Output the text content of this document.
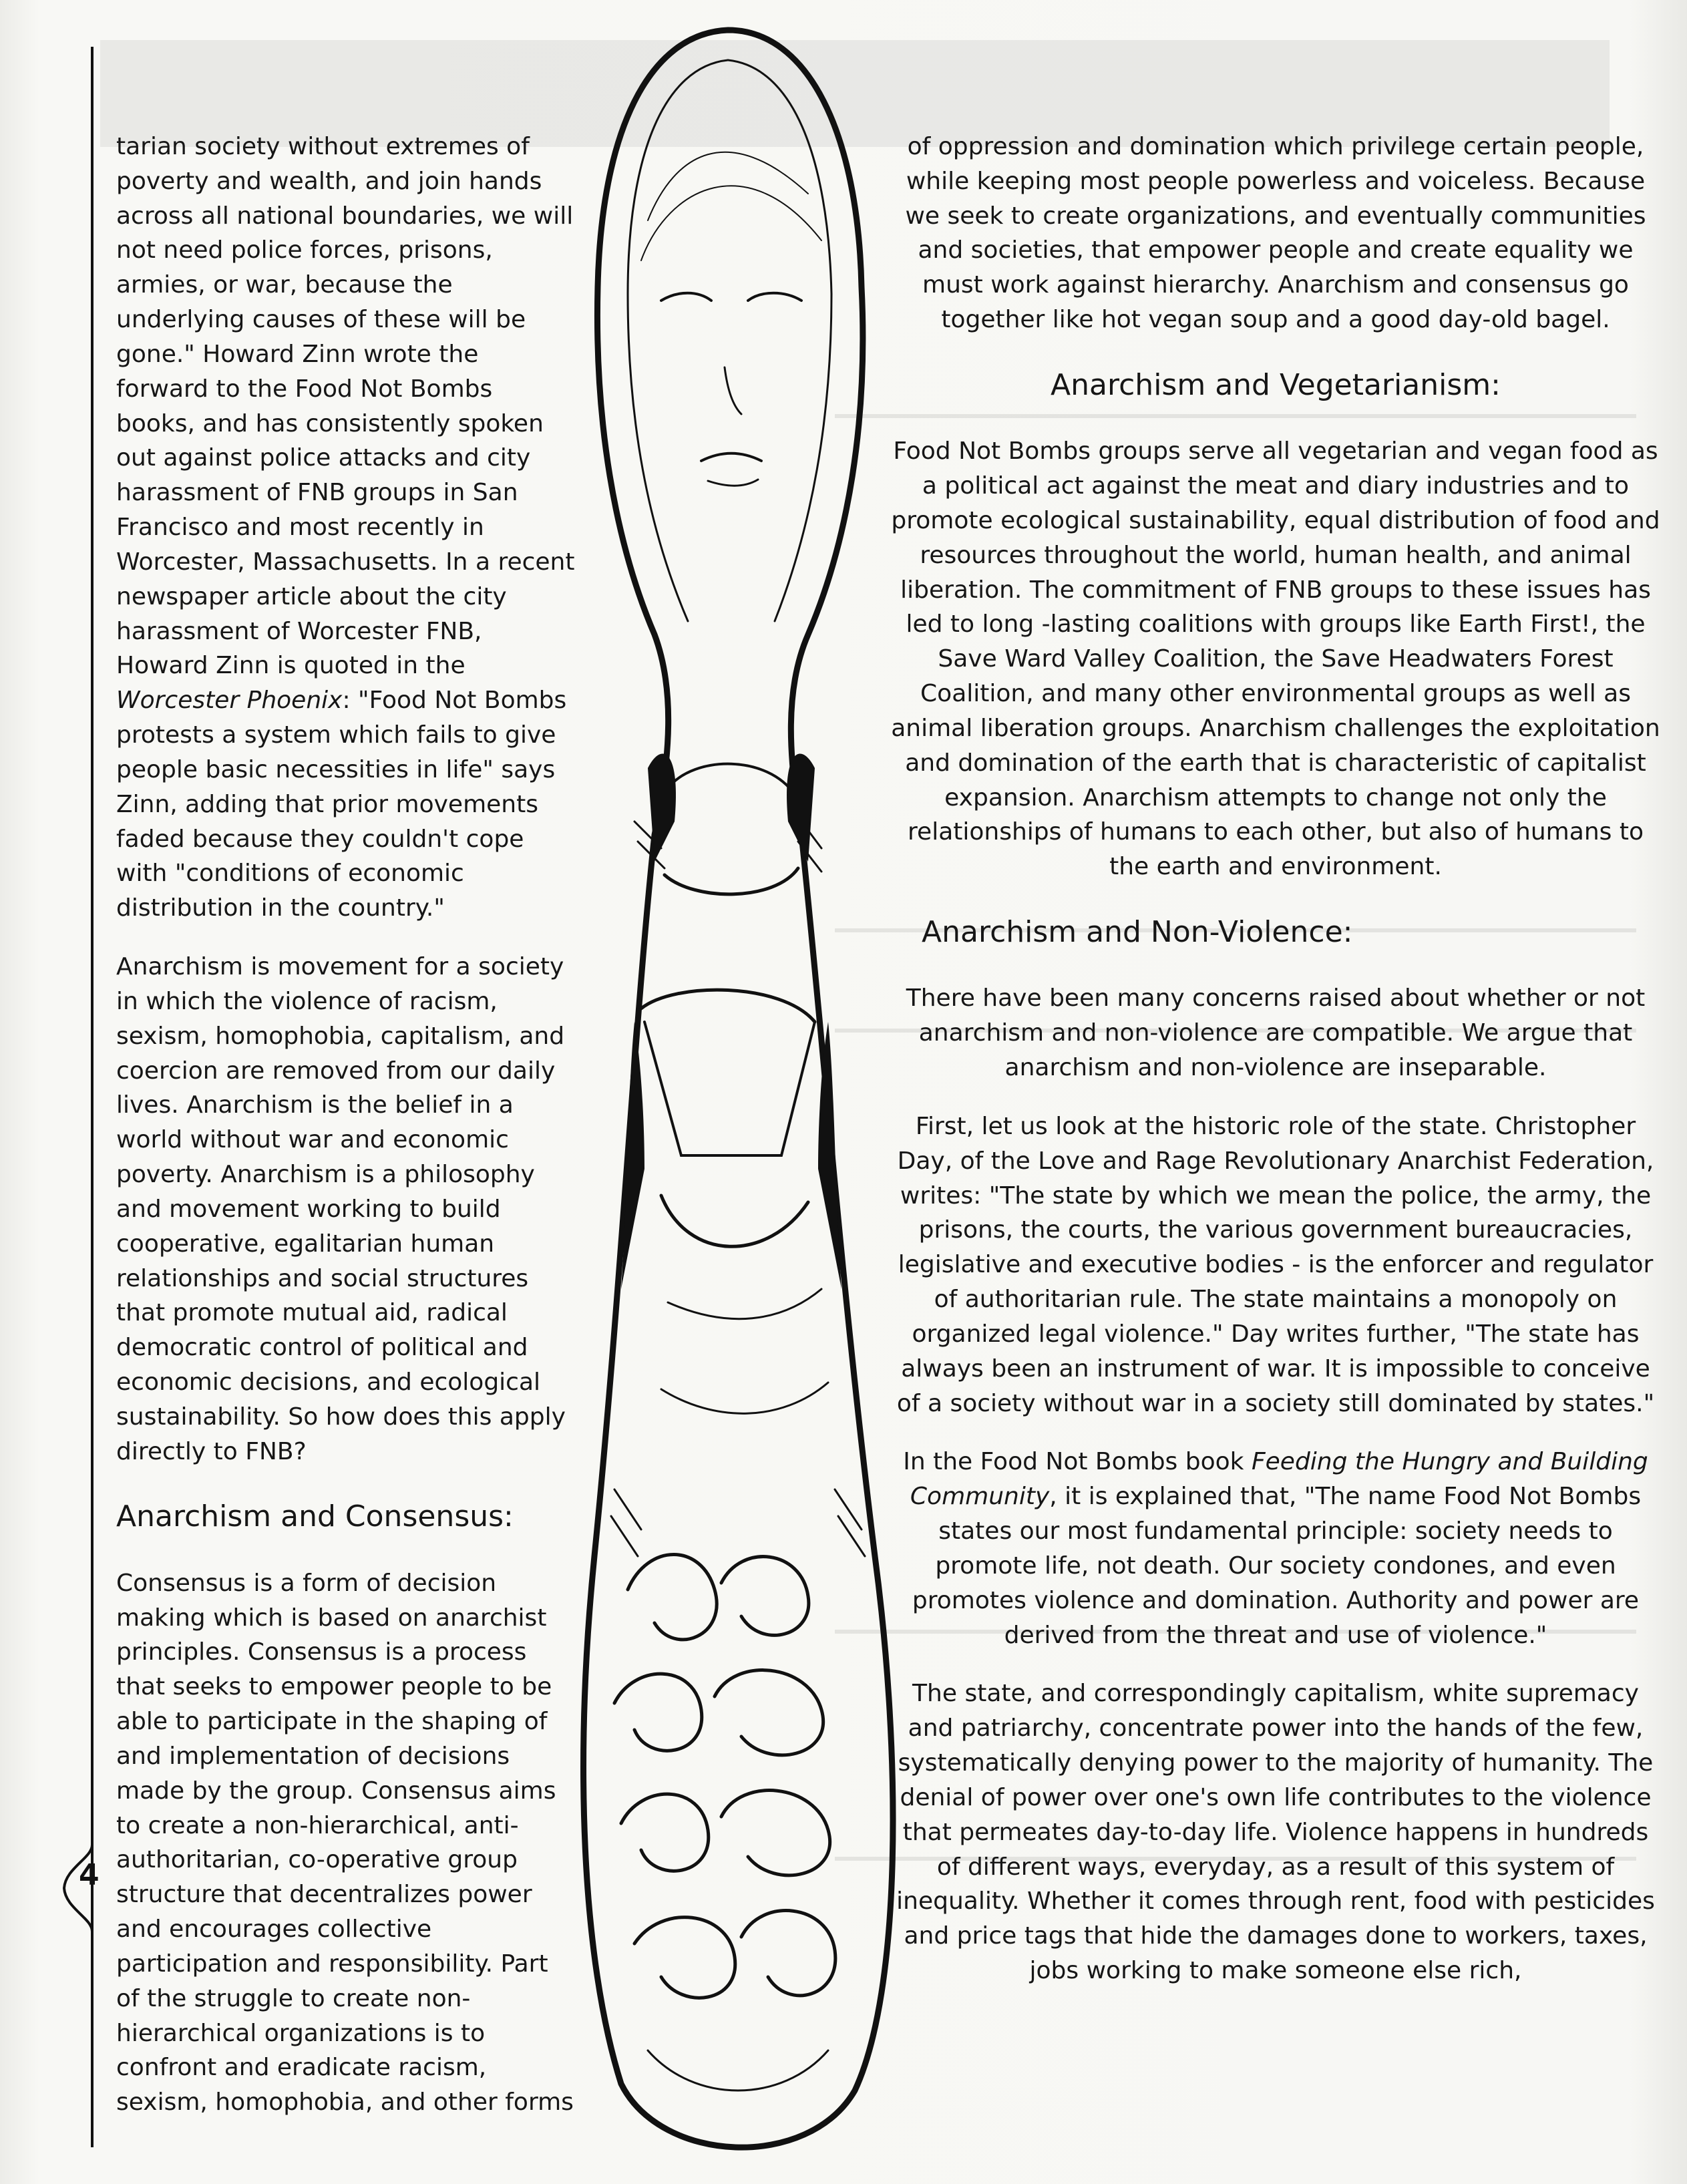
4

tarian society without extremes of poverty and wealth, and join hands across all national boundaries, we will not need police forces, prisons, armies, or war, because the underlying causes of these will be gone." Howard Zinn wrote the forward to the Food Not Bombs books, and has consistently spoken out against police attacks and city harassment of FNB groups in San Francisco and most recently in Worcester, Massachusetts. In a recent newspaper article about the city harassment of Worcester FNB, Howard Zinn is quoted in the Worcester Phoenix: "Food Not Bombs protests a system which fails to give people basic necessities in life" says Zinn, adding that prior movements faded because they couldn't cope with "conditions of economic distribution in the country."

Anarchism is movement for a society in which the violence of racism, sexism, homophobia, capitalism, and coercion are removed from our daily lives. Anarchism is the belief in a world without war and economic poverty. Anarchism is a philosophy and movement working to build cooperative, egalitarian human relationships and social structures that promote mutual aid, radical democratic control of political and economic decisions, and ecological sustainability. So how does this apply directly to FNB?

Anarchism and Consensus:

Consensus is a form of decision making which is based on anarchist principles. Consensus is a process that seeks to empower people to be able to participate in the shaping of and implementation of decisions made by the group. Consensus aims to create a non-hierarchical, anti-authoritarian, co-operative group structure that decentralizes power and encourages collective participation and responsibility. Part of the struggle to create non-hierarchical organizations is to confront and eradicate racism, sexism, homophobia, and other forms

of oppression and domination which privilege certain people, while keeping most people powerless and voiceless. Because we seek to create organizations, and eventually communities and societies, that empower people and create equality we must work against hierarchy. Anarchism and consensus go together like hot vegan soup and a good day-old bagel.

Anarchism and Vegetarianism:

Food Not Bombs groups serve all vegetarian and vegan food as a political act against the meat and diary industries and to promote ecological sustainability, equal distribution of food and resources throughout the world, human health, and animal liberation. The commitment of FNB groups to these issues has led to long -lasting coalitions with groups like Earth First!, the Save Ward Valley Coalition, the Save Headwaters Forest Coalition, and many other environmental groups as well as animal liberation groups. Anarchism challenges the exploitation and domination of the earth that is characteristic of capitalist expansion. Anarchism attempts to change not only the relationships of humans to each other, but also of humans to the earth and environment.

Anarchism and Non-Violence:

There have been many concerns raised about whether or not anarchism and non-violence are compatible. We argue that anarchism and non-violence are inseparable.

First, let us look at the historic role of the state. Christopher Day, of the Love and Rage Revolutionary Anarchist Federation, writes: "The state by which we mean the police, the army, the prisons, the courts, the various government bureaucracies, legislative and executive bodies - is the enforcer and regulator of authoritarian rule. The state maintains a monopoly on organized legal violence." Day writes further, "The state has always been an instrument of war. It is impossible to conceive of a society without war in a society still dominated by states."

In the Food Not Bombs book Feeding the Hungry and Building Community, it is explained that, "The name Food Not Bombs states our most fundamental principle: society needs to promote life, not death. Our society condones, and even promotes violence and domination. Authority and power are derived from the threat and use of violence."

The state, and correspondingly capitalism, white supremacy and patriarchy, concentrate power into the hands of the few, systematically denying power to the majority of humanity. The denial of power over one's own life contributes to the violence that permeates day-to-day life. Violence happens in hundreds of different ways, everyday, as a result of this system of inequality. Whether it comes through rent, food with pesticides and price tags that hide the damages done to workers, taxes, jobs working to make someone else rich,
